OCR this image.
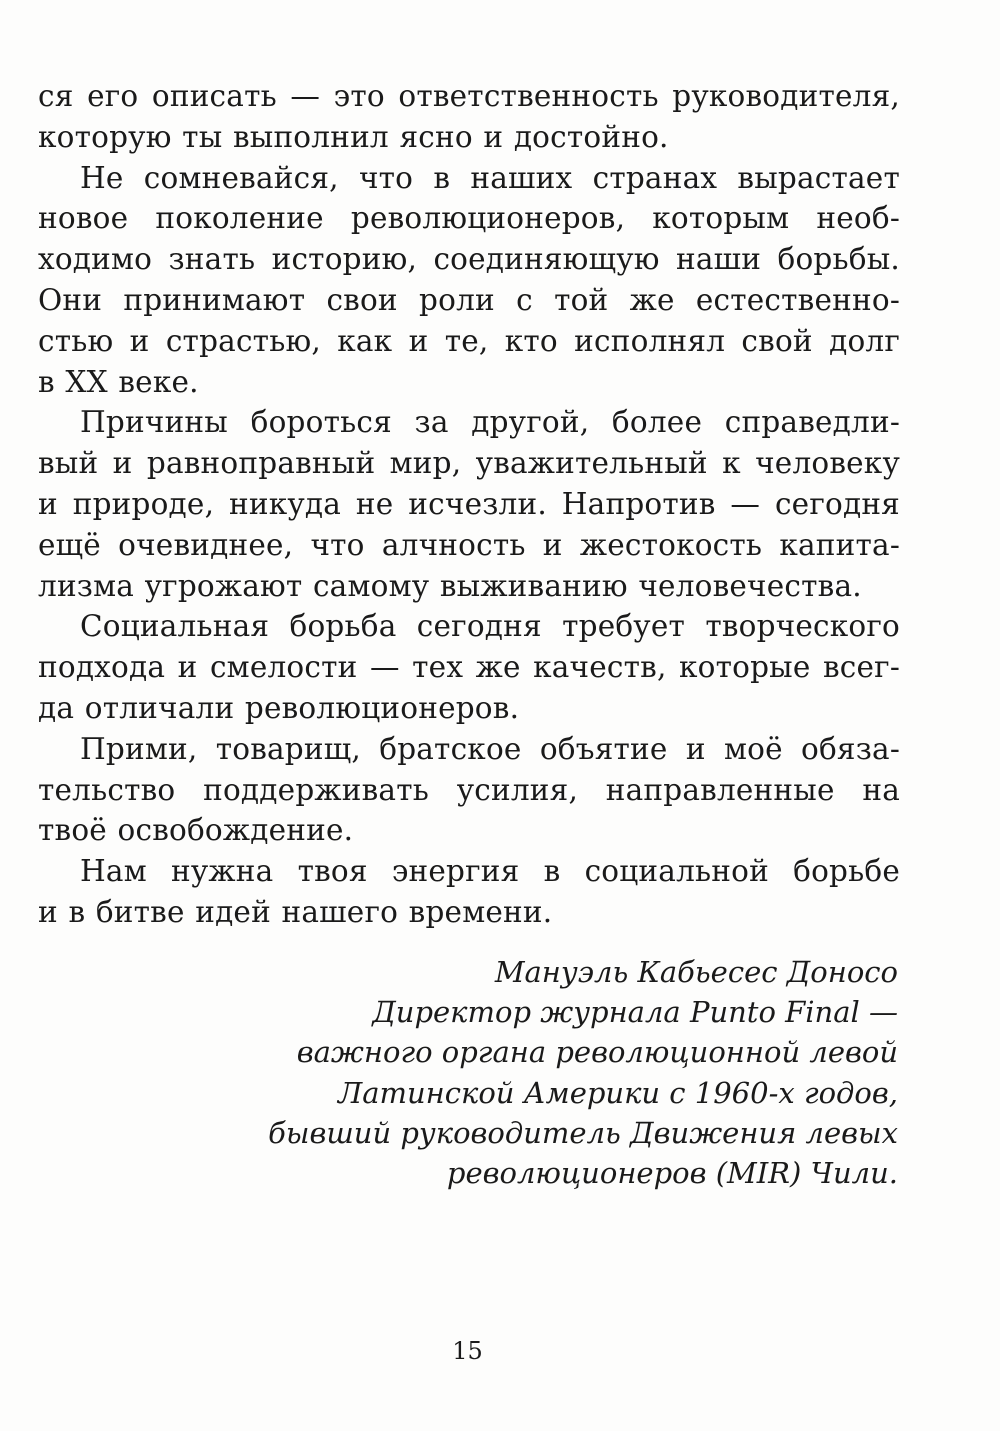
ся его описать — это ответственность руководителя,
которую ты выполнил ясно и достойно.
Не сомневайся, что в наших странах вырастает
новое поколение революционеров, которым необ-
ходимо знать историю, соединяющую наши борьбы.
Они принимают свои роли с той же естественно-
стью и страстью, как и те, кто исполнял свой долг
в XX веке.
Причины бороться за другой, более справедли-
вый и равноправный мир, уважительный к человеку
и природе, никуда не исчезли. Напротив — сегодня
ещё очевиднее, что алчность и жестокость капита-
лизма угрожают самому выживанию человечества.
Социальная борьба сегодня требует творческого
подхода и смелости — тех же качеств, которые всег-
да отличали революционеров.
Прими, товарищ, братское объятие и моё обяза-
тельство поддерживать усилия, направленные на
твоё освобождение.
Нам нужна твоя энергия в социальной борьбе
и в битве идей нашего времени.
Мануэль Кабьесес Доносо
Директор журнала Punto Final —
важного органа революционной левой
Латинской Америки с 1960-х годов,
бывший руководитель Движения левых
революционеров (MIR) Чили.
15
